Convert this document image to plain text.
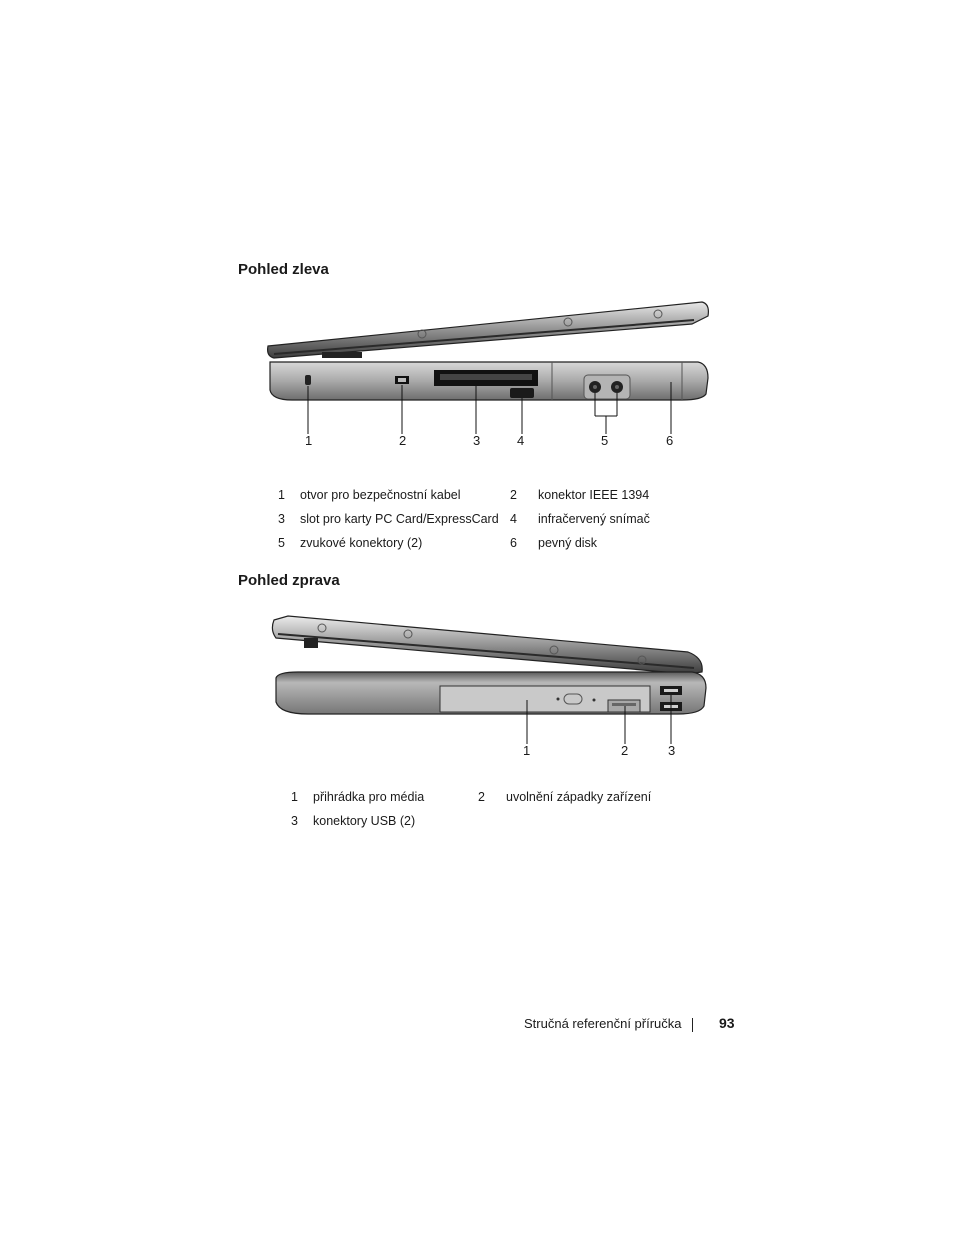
Pohled zleva
1	2	3	4	5	6
1 otvor pro bezpečnostní kabel	2 konektor IEEE 1394
3 slot pro karty PC Card/ExpressCard 4 infračervený snímač
5 zvukové konektory (2)	6 pevný disk
Pohled zprava
1	2	3
1 přihrádka pro média	2 uvolnění západky zařízení
3 konektory USB (2)
Stručná referenční příručka	93
